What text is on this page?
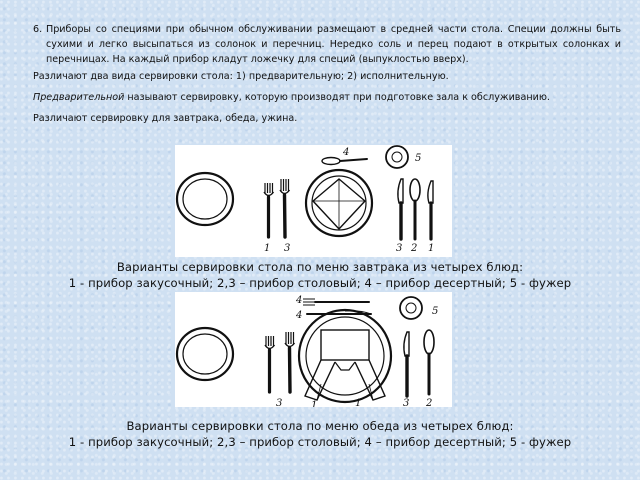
6. Приборы со специями при обычном обслуживании размещают в средней части стола. Специи должны быть сухими и легко высыпаться из солонок и перечниц. Нередко соль и перец подают в открытых солонках и перечницах. На каждый прибор кладут ложечку для специй (выпуклостью вверх).

Различают два вида сервировки стола: 1) предварительную; 2) исполнительную.

Предварительной называют сервировку, которую производят при подготовке зала к обслуживанию.

Различают сервировку для завтрака, обеда, ужина.

1 3
4
5
3 2 1
Варианты сервировки стола по меню завтрака из четырех блюд:
1 - прибор закусочный; 2,3 – прибор столовый; 4 – прибор десертный; 5 - фужер
4
4	5
3	1	1	3 2
Варианты сервировки стола по меню обеда из четырех блюд:
1 - прибор закусочный; 2,3 – прибор столовый; 4 – прибор десертный; 5 - фужер
